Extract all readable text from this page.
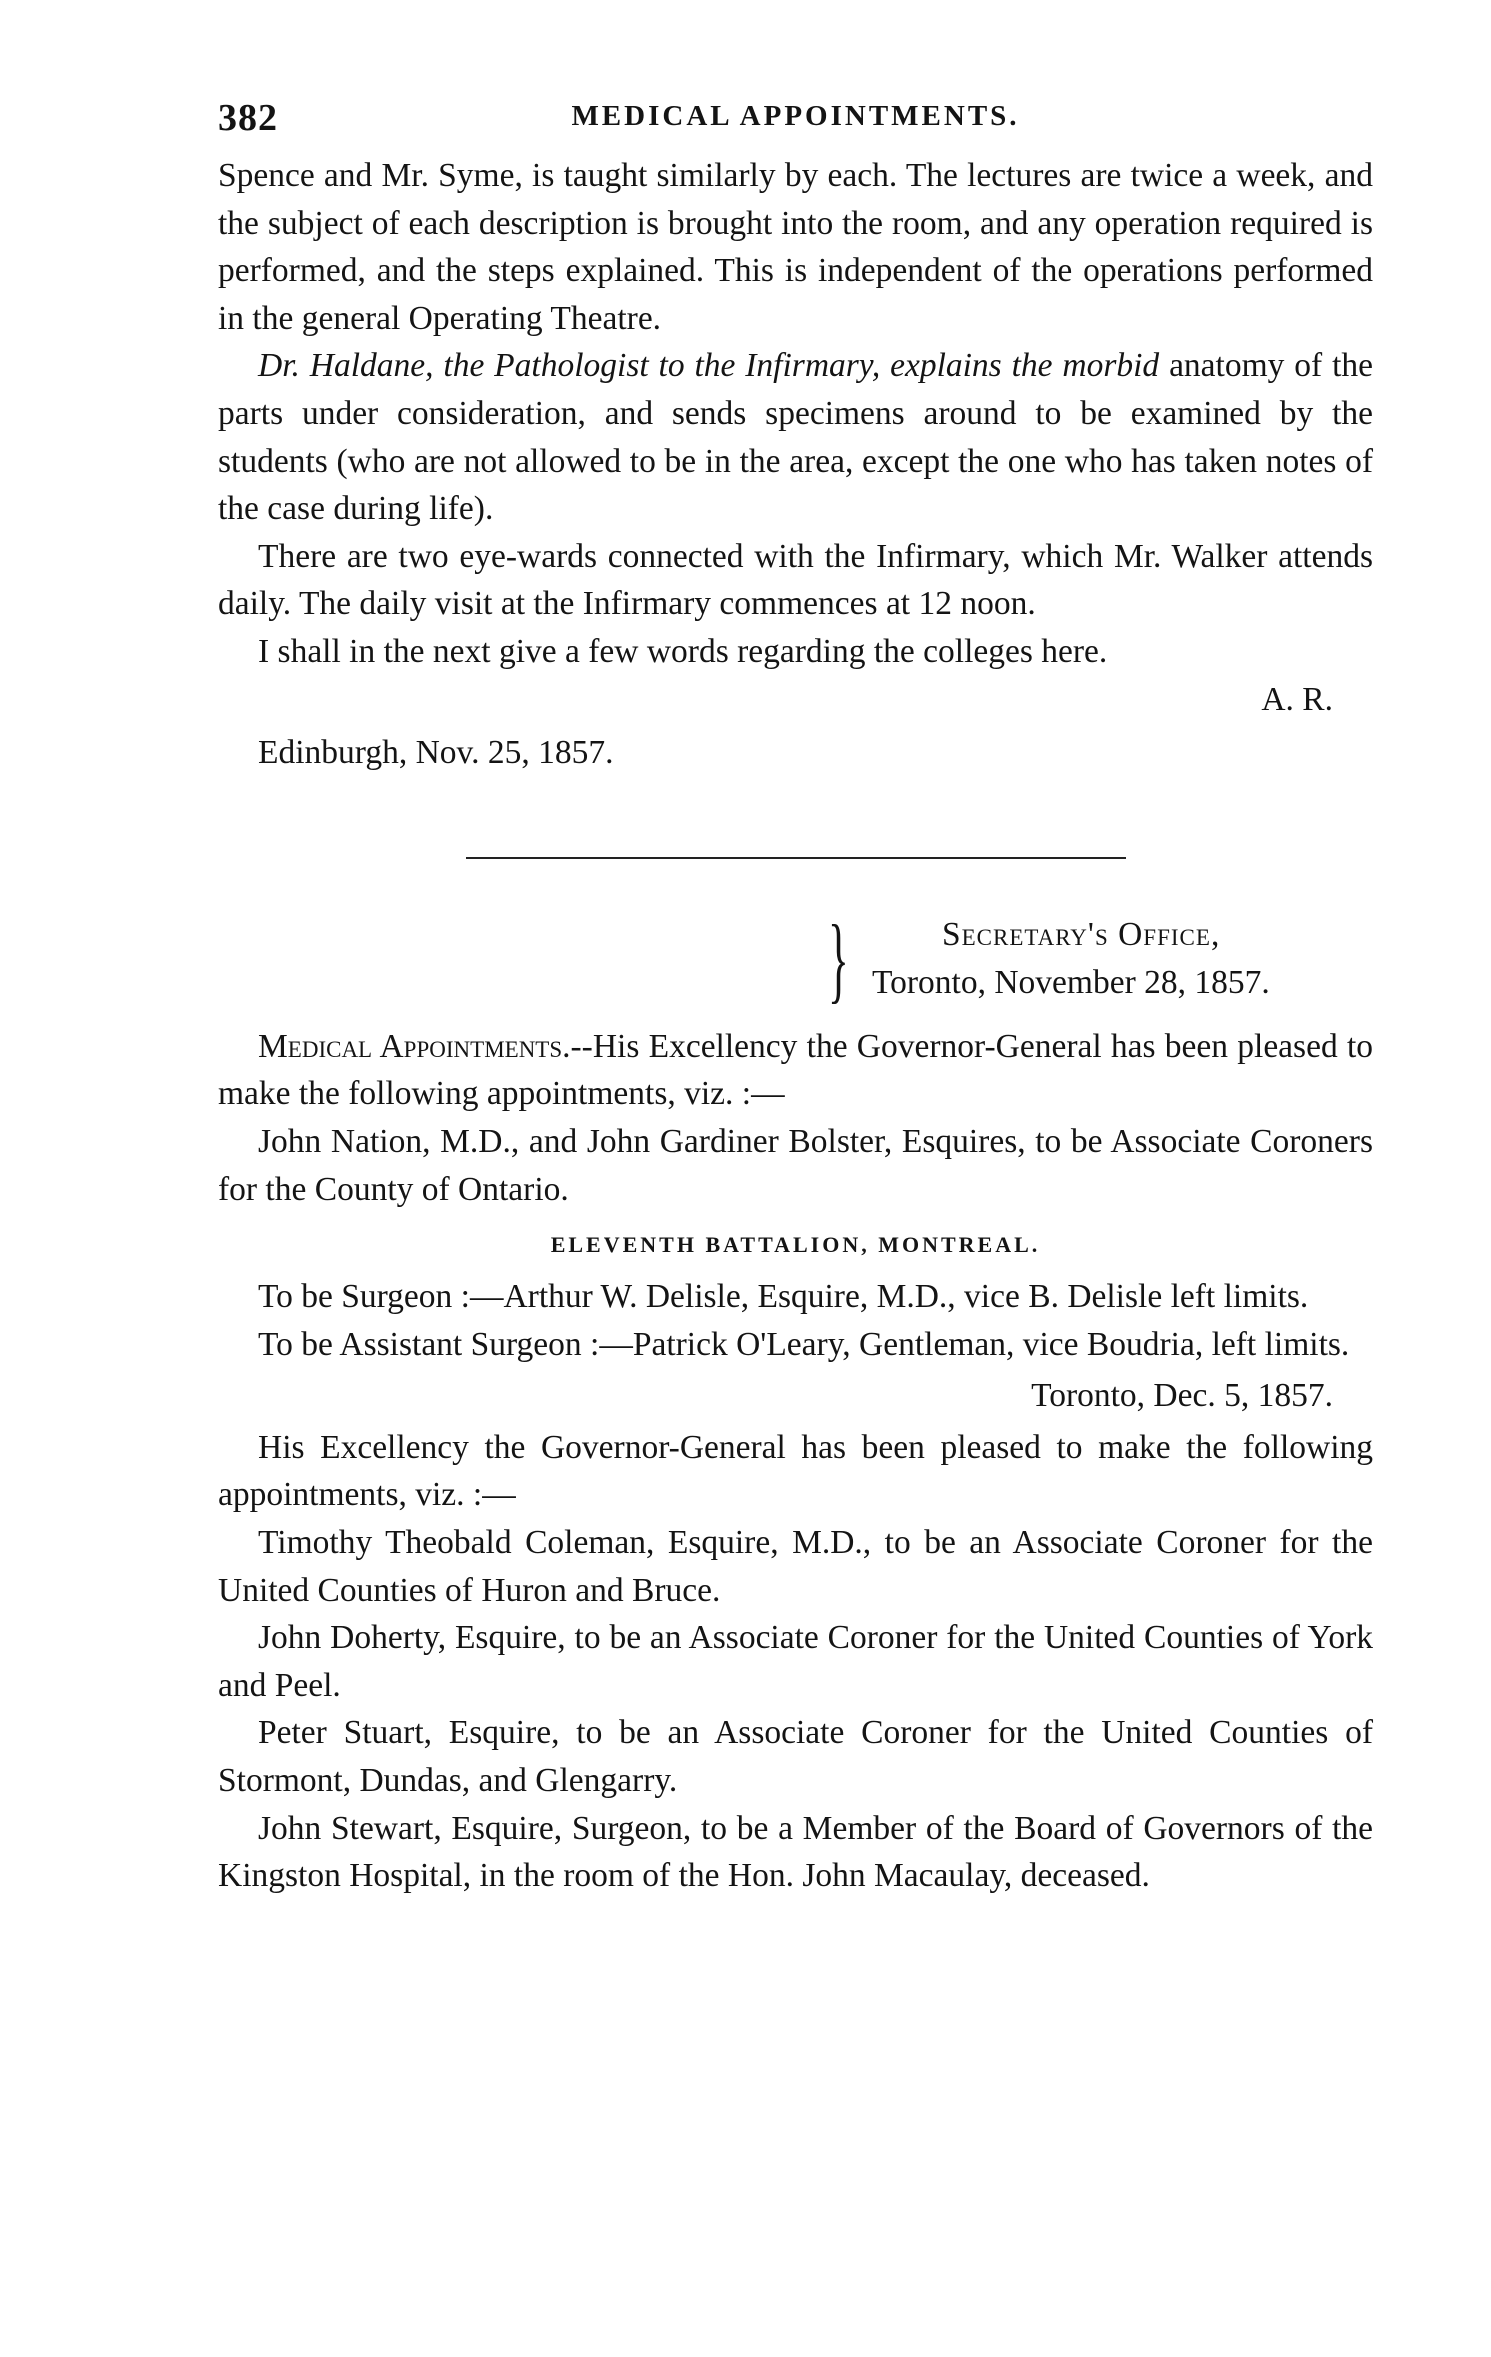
382	MEDICAL APPOINTMENTS.

Spence and Mr. Syme, is taught similarly by each. The lectures are twice a week, and the subject of each description is brought into the room, and any operation required is performed, and the steps explained. This is independent of the operations performed in the general Operating Theatre.

Dr. Haldane, the Pathologist to the Infirmary, explains the morbid anatomy of the parts under consideration, and sends specimens around to be examined by the students (who are not allowed to be in the area, except the one who has taken notes of the case during life).

There are two eye-wards connected with the Infirmary, which Mr. Walker attends daily. The daily visit at the Infirmary commences at 12 noon.

I shall in the next give a few words regarding the colleges here.

A. R.

Edinburgh, Nov. 25, 1857.

}	Secretary's Office,
Toronto, November 28, 1857.

Medical Appointments.--His Excellency the Governor-General has been pleased to make the following appointments, viz. :—

John Nation, M.D., and John Gardiner Bolster, Esquires, to be Associate Coroners for the County of Ontario.

ELEVENTH BATTALION, MONTREAL.

To be Surgeon :—Arthur W. Delisle, Esquire, M.D., vice B. Delisle left limits.

To be Assistant Surgeon :—Patrick O'Leary, Gentleman, vice Boudria, left limits.

Toronto, Dec. 5, 1857.

His Excellency the Governor-General has been pleased to make the following appointments, viz. :—

Timothy Theobald Coleman, Esquire, M.D., to be an Associate Coroner for the United Counties of Huron and Bruce.

John Doherty, Esquire, to be an Associate Coroner for the United Counties of York and Peel.

Peter Stuart, Esquire, to be an Associate Coroner for the United Counties of Stormont, Dundas, and Glengarry.

John Stewart, Esquire, Surgeon, to be a Member of the Board of Governors of the Kingston Hospital, in the room of the Hon. John Macaulay, deceased.
